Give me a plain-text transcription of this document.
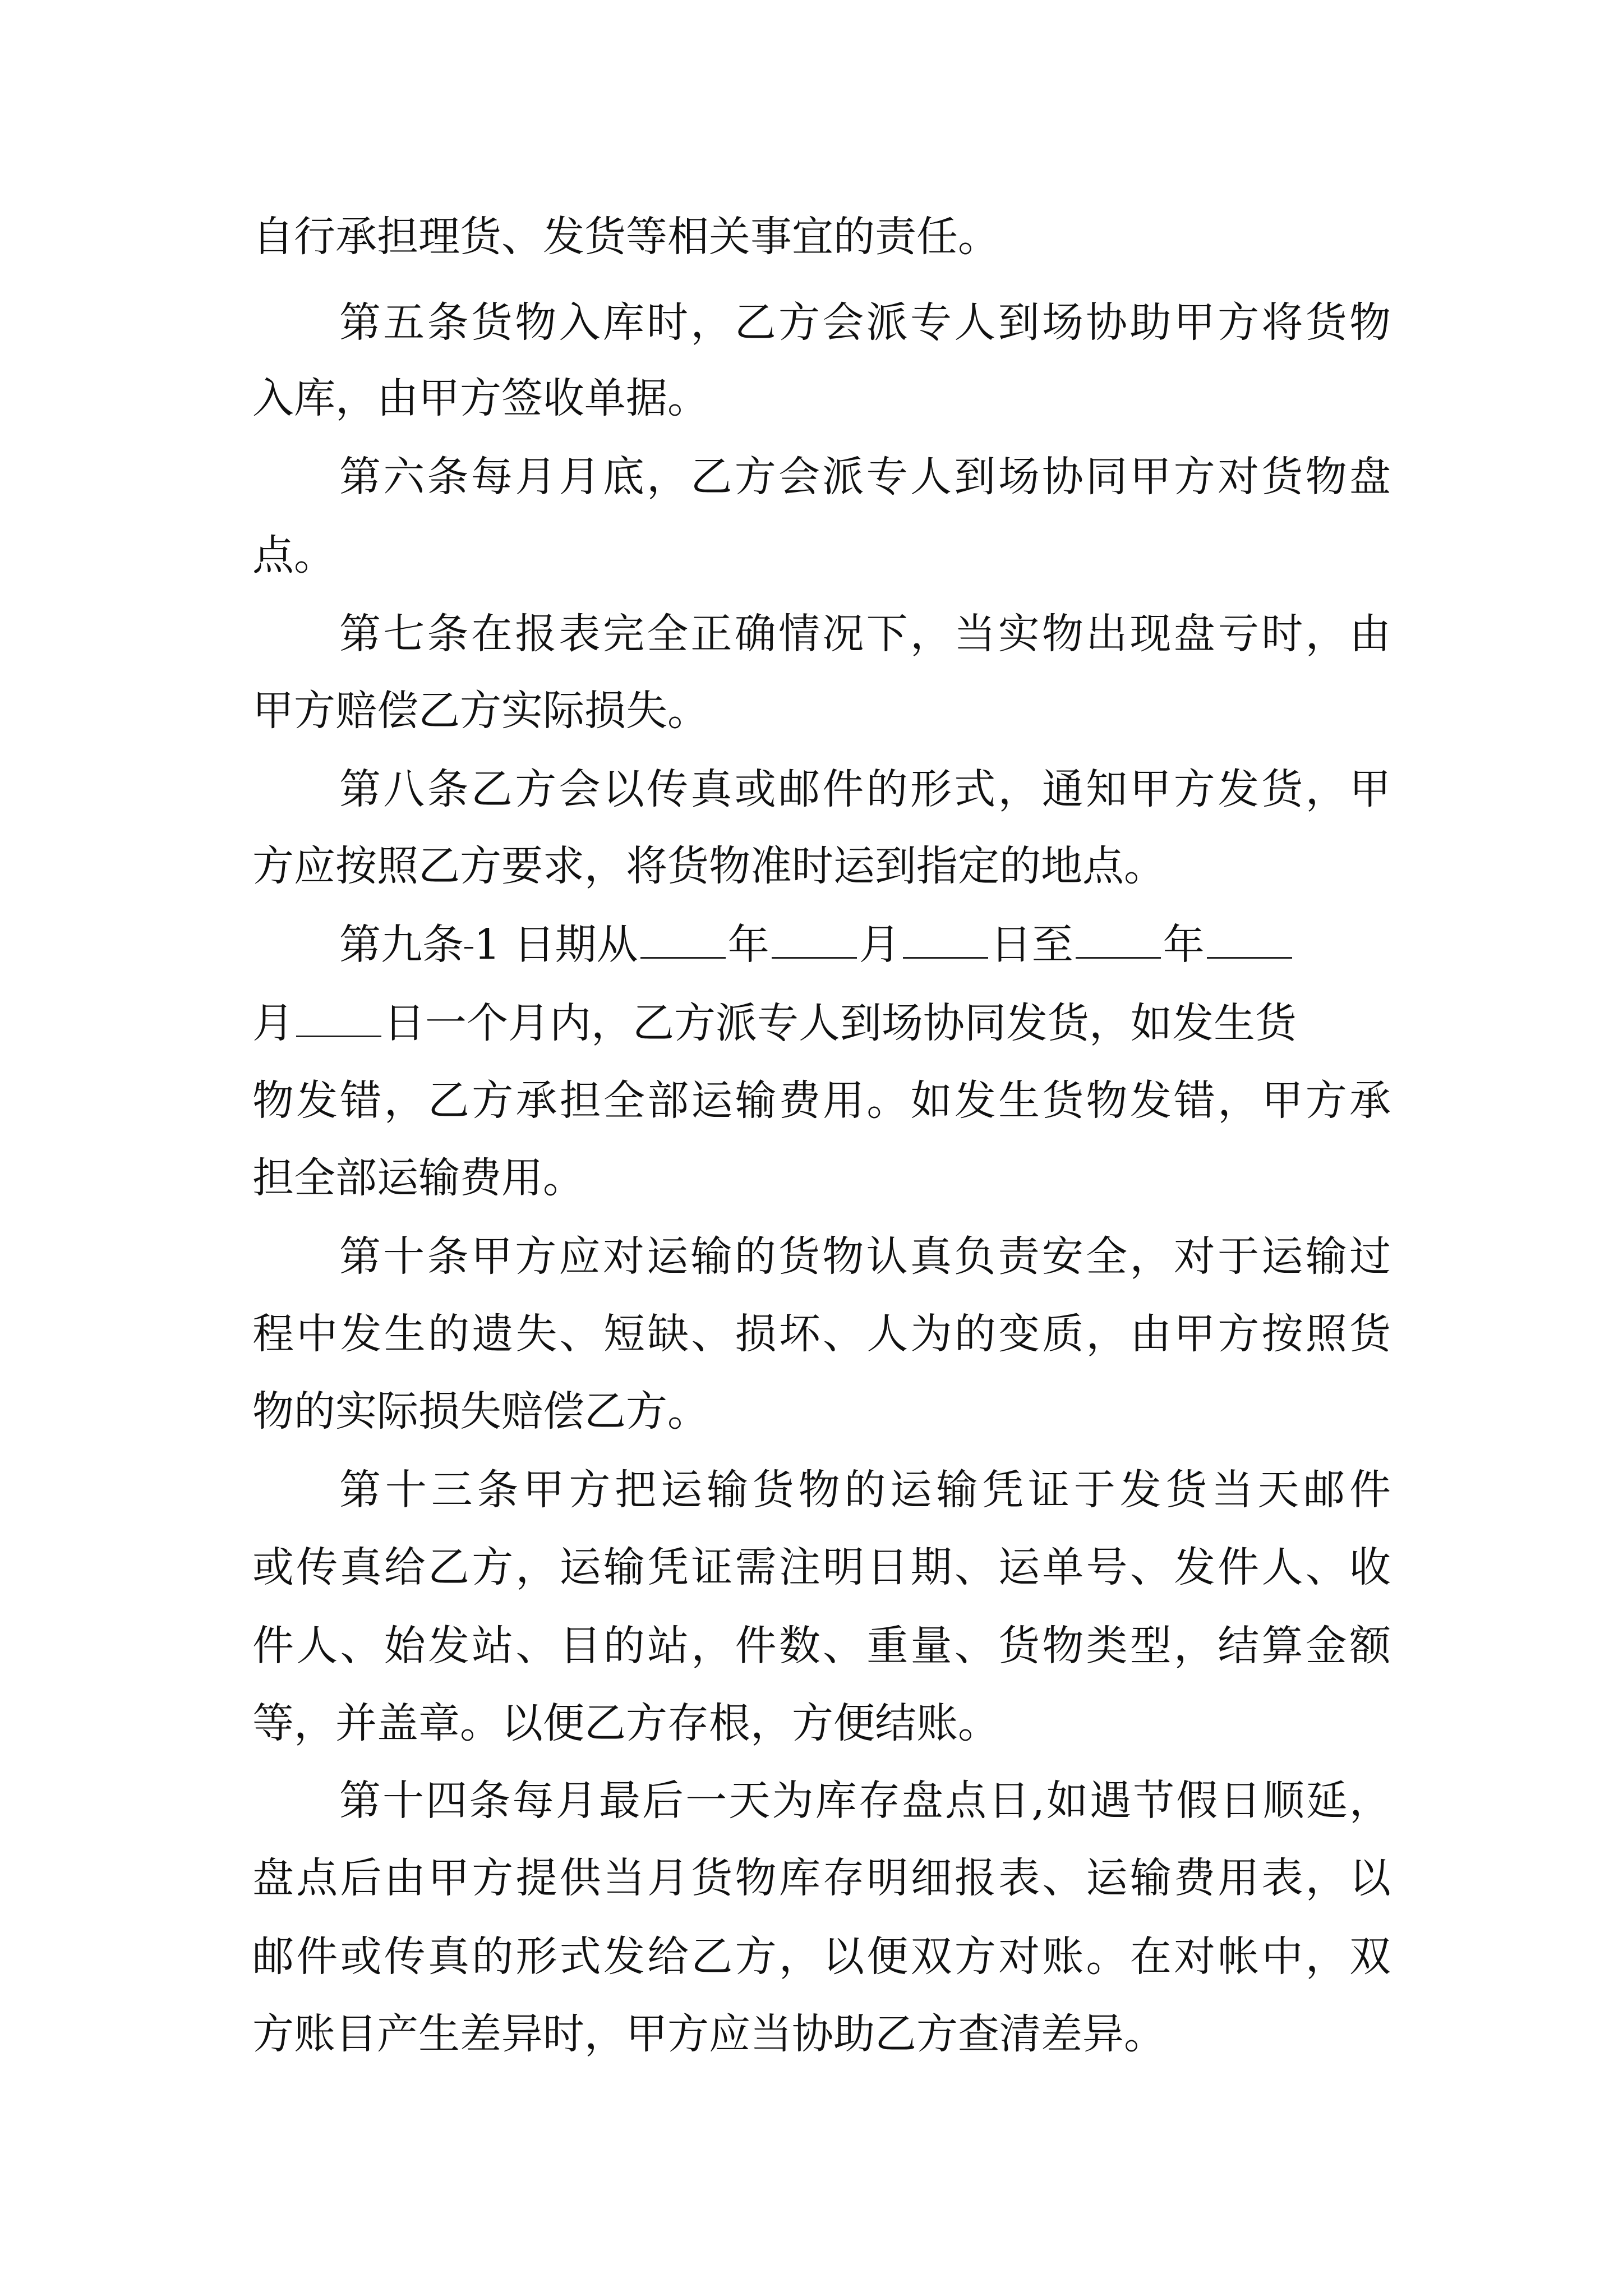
自行承担理货、发货等相关事宜的责任。
第五条货物入库时，乙方会派专人到场协助甲方将货物
入库，由甲方签收单据。
第六条每月月底，乙方会派专人到场协同甲方对货物盘
点。
第七条在报表完全正确情况下，当实物出现盘亏时，由
甲方赔偿乙方实际损失。
第八条乙方会以传真或邮件的形式，通知甲方发货，甲
方应按照乙方要求，将货物准时运到指定的地点。
第九条 1 日期从 年 月 日至 年
月 日一个月内，乙方派专人到场协同发货，如发生货
物发错，乙方承担全部运输费用。如发生货物发错，甲方承
担全部运输费用。
第十条甲方应对运输的货物认真负责安全，对于运输过
程中发生的遗失、短缺、损坏、人为的变质，由甲方按照货
物的实际损失赔偿乙方。
第十三条甲方把运输货物的运输凭证于发货当天邮件
或传真给乙方，运输凭证需注明日期、运单号、发件人、收
件人、始发站、目的站，件数、重量、货物类型，结算金额
等，并盖章。以便乙方存根，方便结账。
第十四条每月最后一天为库存盘点日,如遇节假日顺延，
盘点后由甲方提供当月货物库存明细报表、运输费用表，以
邮件或传真的形式发给乙方，以便双方对账。在对帐中，双
方账目产生差异时，甲方应当协助乙方查清差异。
